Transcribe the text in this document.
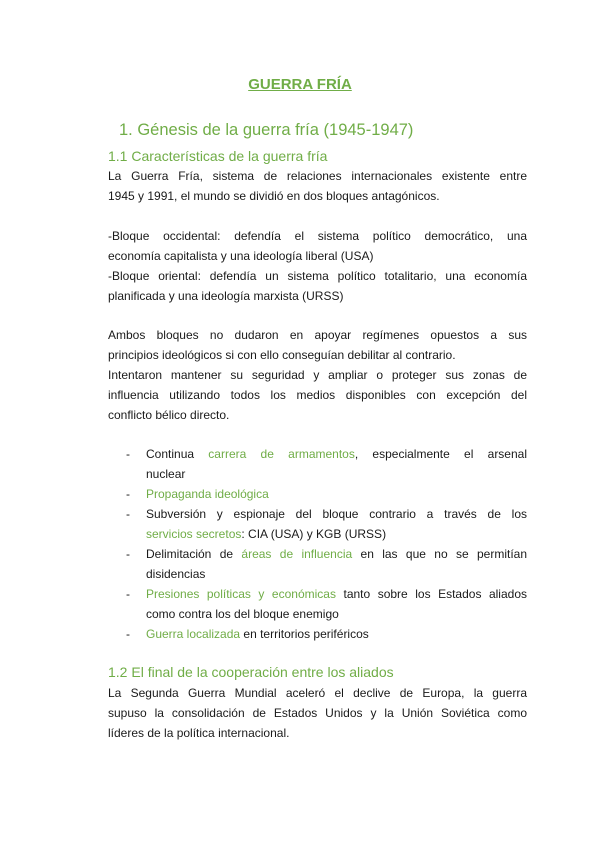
GUERRA FRÍA
1. Génesis de la guerra fría (1945-1947)
1.1 Características de la guerra fría
La Guerra Fría, sistema de relaciones internacionales existente entre
1945 y 1991, el mundo se dividió en dos bloques antagónicos.
-Bloque occidental: defendía el sistema político democrático, una
economía capitalista y una ideología liberal (USA)
-Bloque oriental: defendía un sistema político totalitario, una economía
planificada y una ideología marxista (URSS)
Ambos bloques no dudaron en apoyar regímenes opuestos a sus
principios ideológicos si con ello conseguían debilitar al contrario.
Intentaron mantener su seguridad y ampliar o proteger sus zonas de
influencia utilizando todos los medios disponibles con excepción del
conflicto bélico directo.
- Continua carrera de armamentos, especialmente el arsenal
nuclear
- Propaganda ideológica
- Subversión y espionaje del bloque contrario a través de los
servicios secretos: CIA (USA) y KGB (URSS)
- Delimitación de áreas de influencia en las que no se permitían
disidencias
- Presiones políticas y económicas tanto sobre los Estados aliados
como contra los del bloque enemigo
- Guerra localizada en territorios periféricos
1.2 El final de la cooperación entre los aliados
La Segunda Guerra Mundial aceleró el declive de Europa, la guerra
supuso la consolidación de Estados Unidos y la Unión Soviética como
líderes de la política internacional.
